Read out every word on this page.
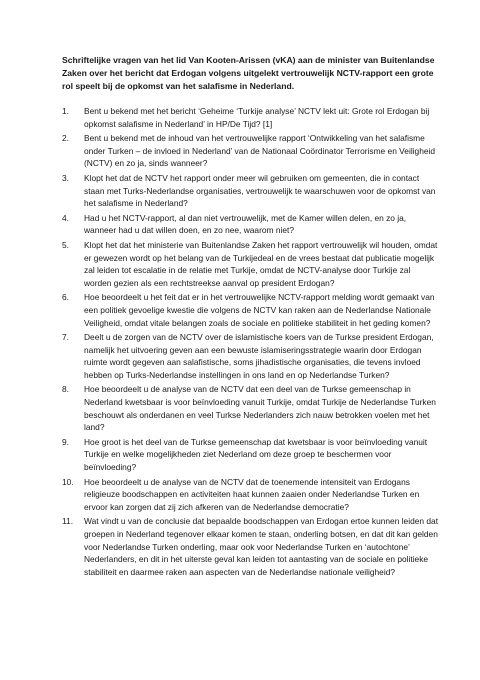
Schriftelijke vragen van het lid Van Kooten-Arissen (vKA) aan de minister van Buitenlandse Zaken over het bericht dat Erdogan volgens uitgelekt vertrouwelijk NCTV-rapport een grote rol speelt bij de opkomst van het salafisme in Nederland.

1. Bent u bekend met het bericht ‘Geheime ‘Turkije analyse’ NCTV lekt uit: Grote rol Erdogan bij opkomst salafisme in Nederland’ in HP/De Tijd? [1]
2. Bent u bekend met de inhoud van het vertrouwelijke rapport ‘Ontwikkeling van het salafisme onder Turken – de invloed in Nederland’ van de Nationaal Coördinator Terrorisme en Veiligheid (NCTV) en zo ja, sinds wanneer?
3. Klopt het dat de NCTV het rapport onder meer wil gebruiken om gemeenten, die in contact staan met Turks-Nederlandse organisaties, vertrouwelijk te waarschuwen voor de opkomst van het salafisme in Nederland?
4. Had u het NCTV-rapport, al dan niet vertrouwelijk, met de Kamer willen delen, en zo ja, wanneer had u dat willen doen, en zo nee, waarom niet?
5. Klopt het dat het ministerie van Buitenlandse Zaken het rapport vertrouwelijk wil houden, omdat er gewezen wordt op het belang van de Turkijedeal en de vrees bestaat dat publicatie mogelijk zal leiden tot escalatie in de relatie met Turkije, omdat de NCTV-analyse door Turkije zal worden gezien als een rechtstreekse aanval op president Erdogan?
6. Hoe beoordeelt u het feit dat er in het vertrouwelijke NCTV-rapport melding wordt gemaakt van een politiek gevoelige kwestie die volgens de NCTV kan raken aan de Nederlandse Nationale Veiligheid, omdat vitale belangen zoals de sociale en politieke stabiliteit in het geding komen?
7. Deelt u de zorgen van de NCTV over de islamistische koers van de Turkse president Erdogan, namelijk het uitvoering geven aan een bewuste islamiseringsstrategie waarin door Erdogan ruimte wordt gegeven aan salafistische, soms jihadistische organisaties, die tevens invloed hebben op Turks-Nederlandse instellingen in ons land en op Nederlandse Turken?
8. Hoe beoordeelt u de analyse van de NCTV dat een deel van de Turkse gemeenschap in Nederland kwetsbaar is voor beïnvloeding vanuit Turkije, omdat Turkije de Nederlandse Turken beschouwt als onderdanen en veel Turkse Nederlanders zich nauw betrokken voelen met het land?
9. Hoe groot is het deel van de Turkse gemeenschap dat kwetsbaar is voor beïnvloeding vanuit Turkije en welke mogelijkheden ziet Nederland om deze groep te beschermen voor beïnvloeding?
10. Hoe beoordeelt u de analyse van de NCTV dat de toenemende intensiteit van Erdogans religieuze boodschappen en activiteiten haat kunnen zaaien onder Nederlandse Turken en ervoor kan zorgen dat zij zich afkeren van de Nederlandse democratie?
11. Wat vindt u van de conclusie dat bepaalde boodschappen van Erdogan ertoe kunnen leiden dat groepen in Nederland tegenover elkaar komen te staan, onderling botsen, en dat dit kan gelden voor Nederlandse Turken onderling, maar ook voor Nederlandse Turken en ‘autochtone’ Nederlanders, en dit in het uiterste geval kan leiden tot aantasting van de sociale en politieke stabiliteit en daarmee raken aan aspecten van de Nederlandse nationale veiligheid?
